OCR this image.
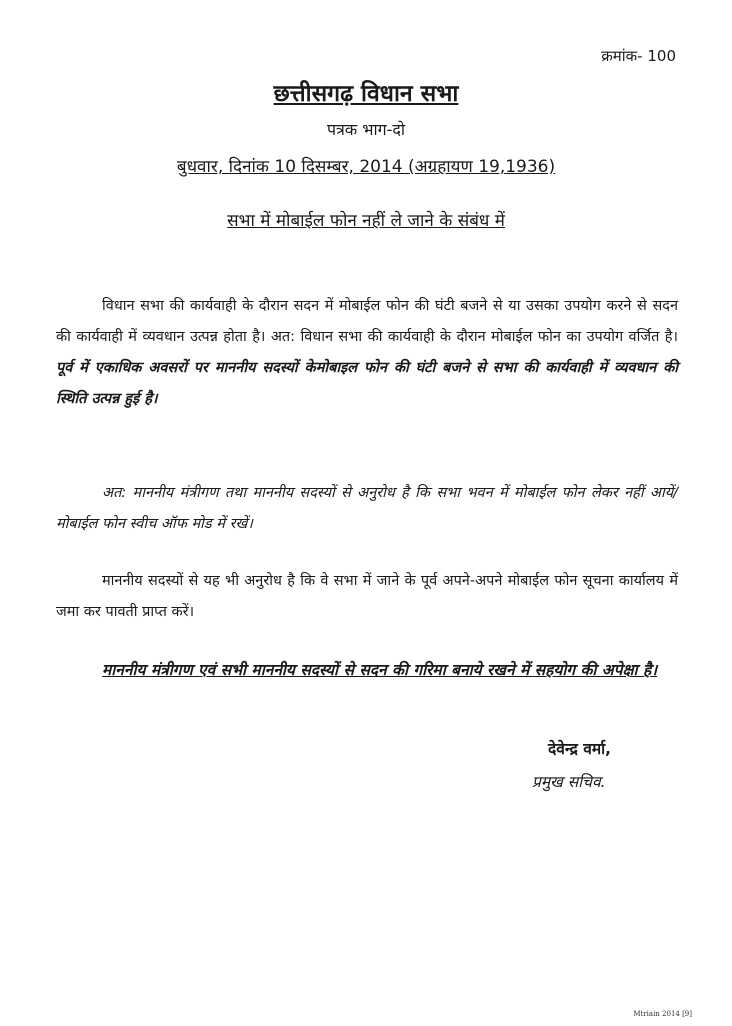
क्रमांक- 100
छत्तीसगढ़ विधान सभा
पत्रक भाग-दो
बुधवार, दिनांक 10 दिसम्बर, 2014 (अग्रहायण 19,1936)
सभा में मोबाईल फोन नहीं ले जाने के संबंध में
विधान सभा की कार्यवाही के दौरान सदन में मोबाईल फोन की घंटी बजने से या उसका उपयोग करने से सदन की कार्यवाही में व्यवधान उत्पन्न होता है। अत: विधान सभा की कार्यवाही के दौरान मोबाईल फोन का उपयोग वर्जित है। पूर्व में एकाधिक अवसरों पर माननीय सदस्यों केमोबाइल फोन की घंटी बजने से सभा की कार्यवाही में व्यवधान की स्थिति उत्पन्न हुई है।
अत: माननीय मंत्रीगण तथा माननीय सदस्यों से अनुरोध है कि सभा भवन में मोबाईल फोन लेकर नहीं आयें/मोबाईल फोन स्वीच ऑफ मोड में रखें।
माननीय सदस्यों से यह भी अनुरोध है कि वे सभा में जाने के पूर्व अपने-अपने मोबाईल फोन सूचना कार्यालय में जमा कर पावती प्राप्त करें।
माननीय मंत्रीगण एवं सभी माननीय सदस्यों से सदन की गरिमा बनाये रखने में सहयोग की अपेक्षा है।
देवेन्द्र वर्मा,
प्रमुख सचिव.
Mtriain 2014 [9]
